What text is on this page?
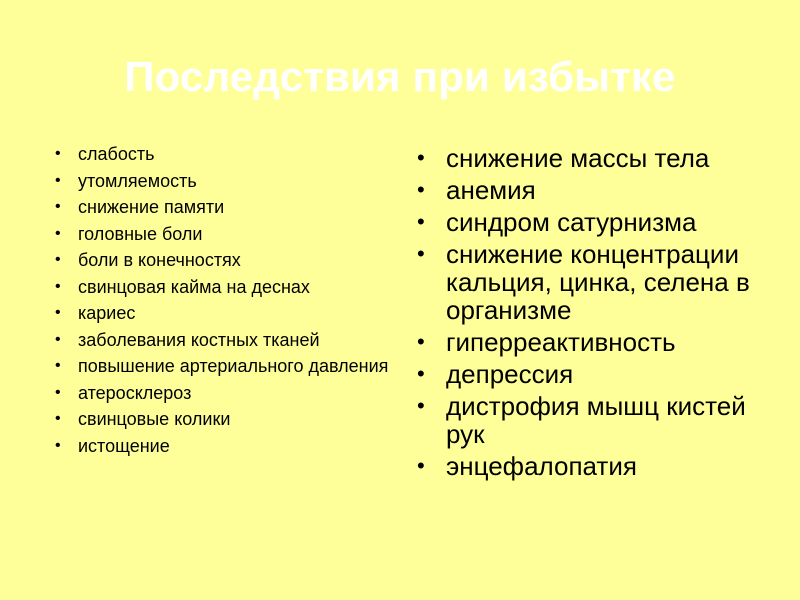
Последствия при избытке
• слабость
• утомляемость
• снижение памяти
• головные боли
• боли в конечностях
• свинцовая кайма на деснах
• кариес
• заболевания костных тканей
• повышение артериального давления
• атеросклероз
• свинцовые колики
• истощение
• снижение массы тела
• анемия
• синдром сатурнизма
• снижение концентрации кальция, цинка, селена в организме
• гиперреактивность
• депрессия
• дистрофия мышц кистей рук
• энцефалопатия
